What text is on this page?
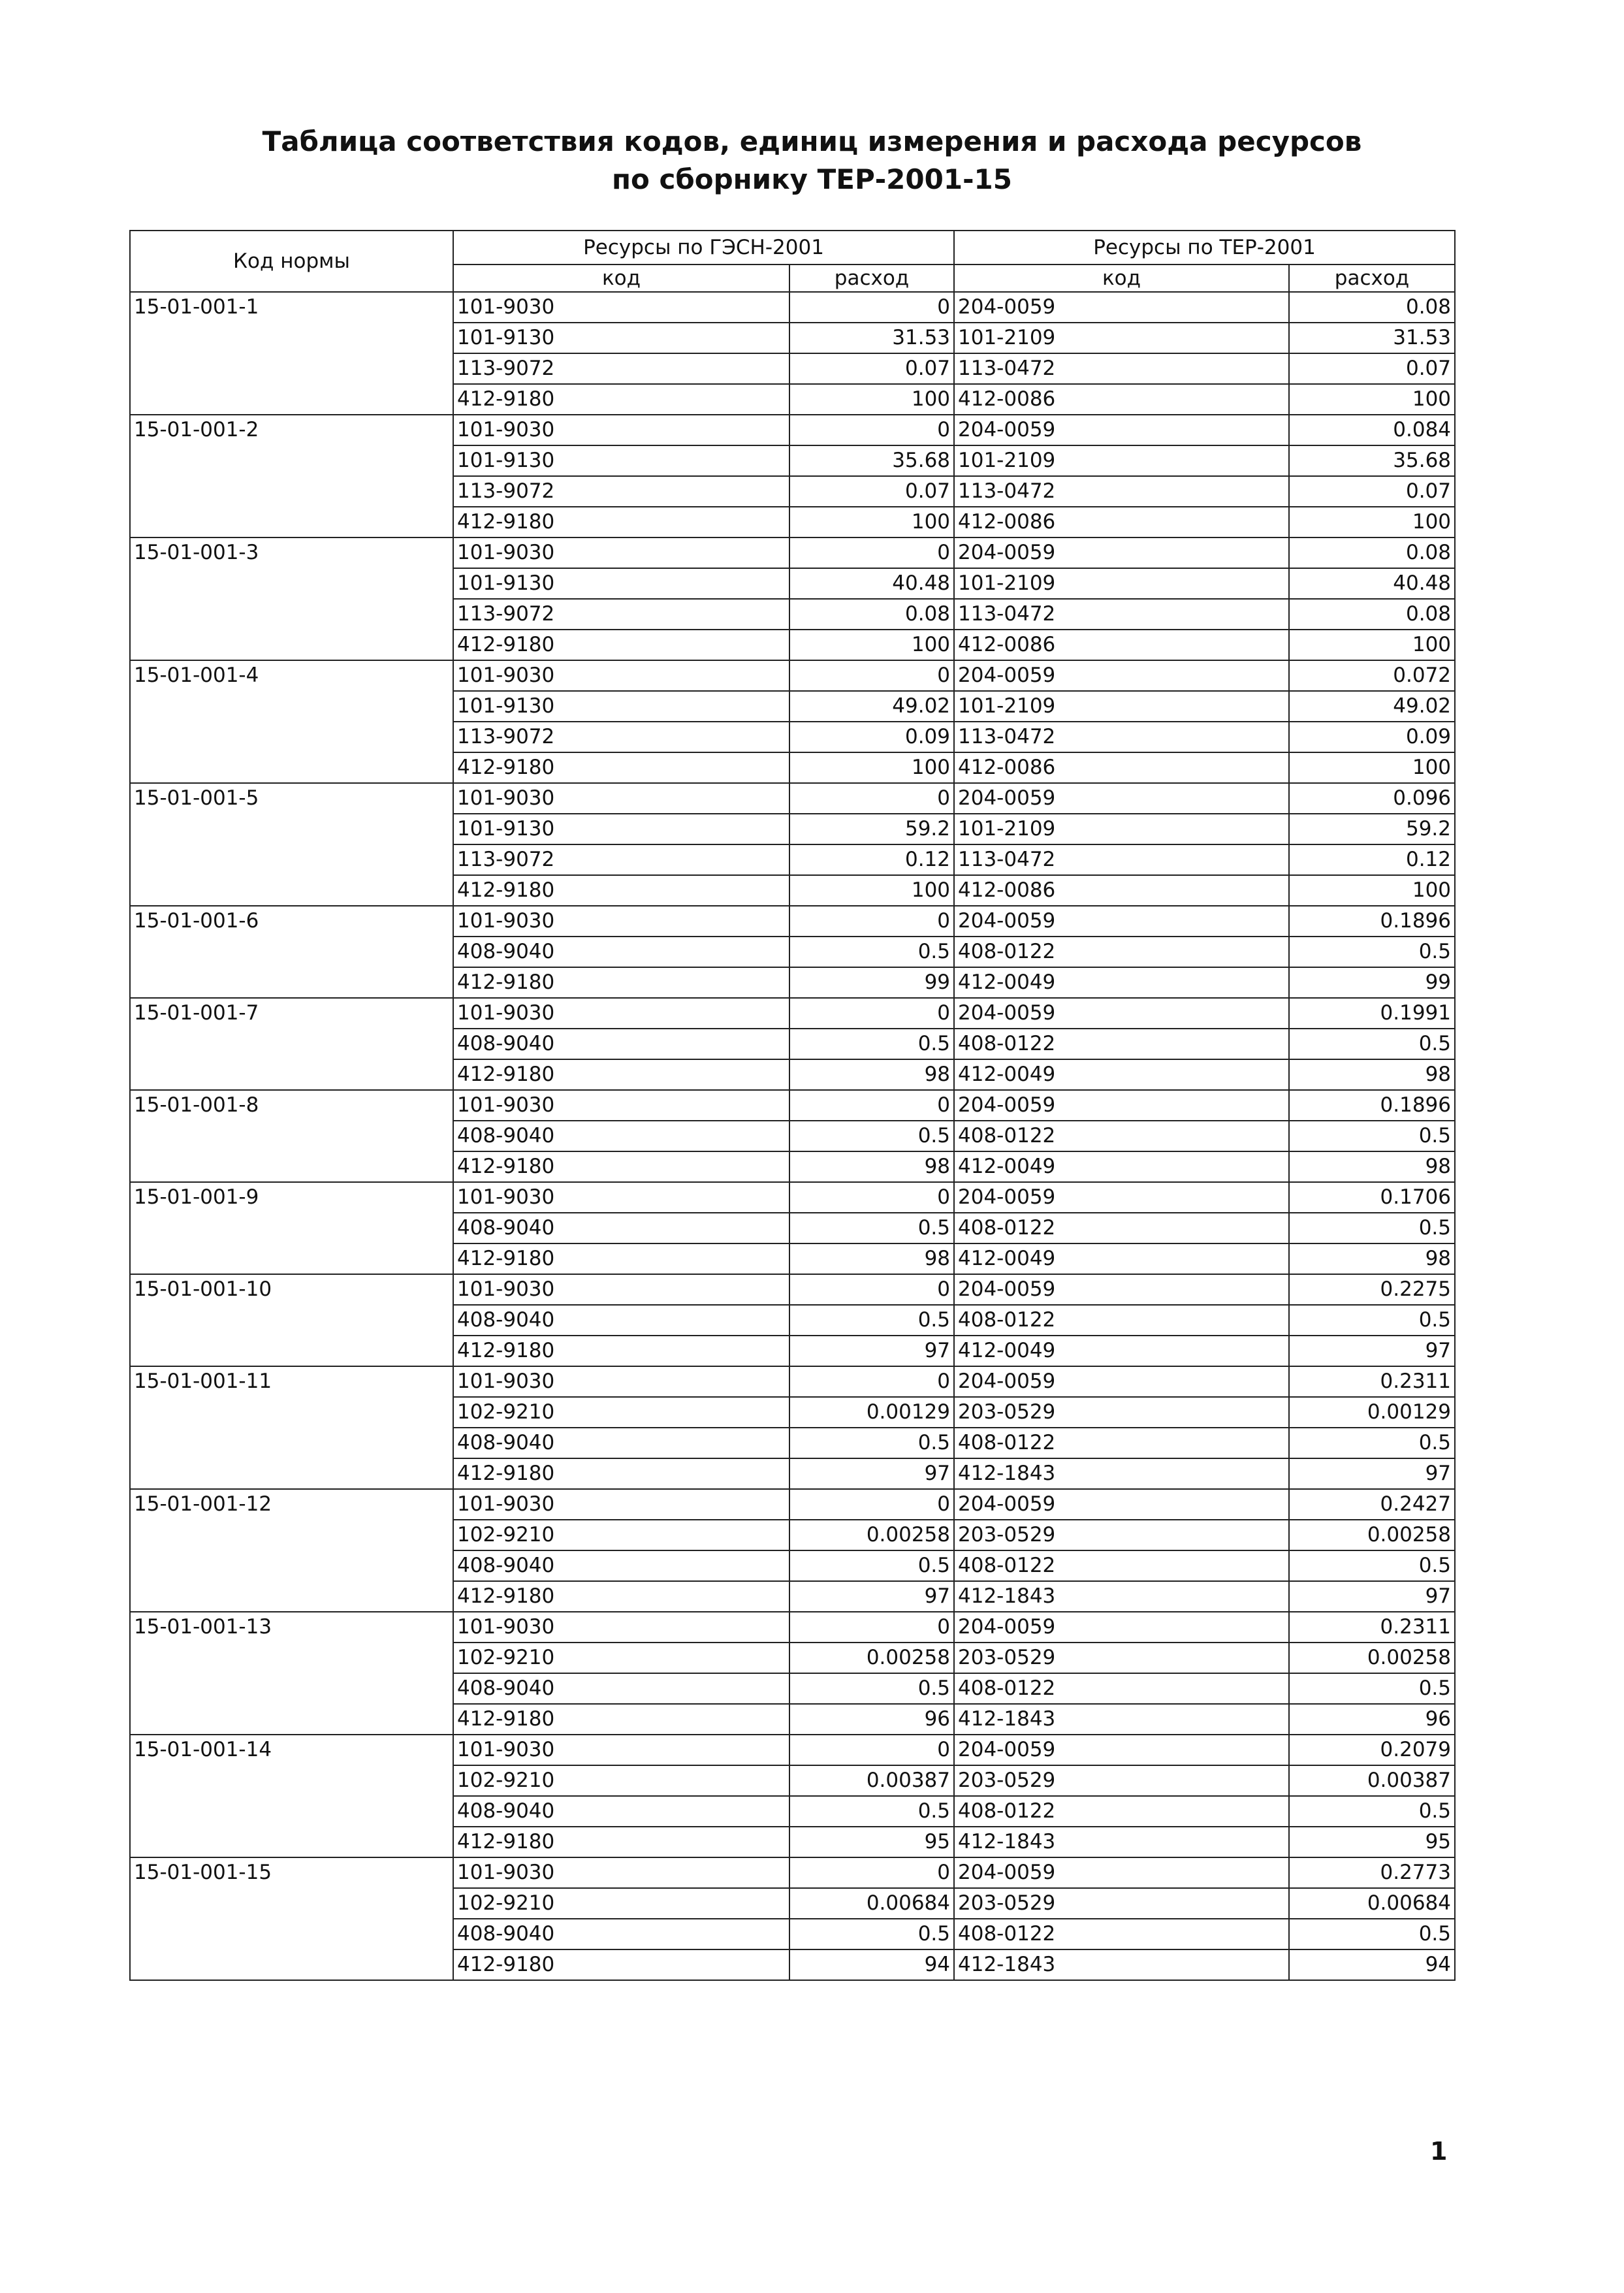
Таблица соответствия кодов, единиц измерения и расхода ресурсов
по сборнику ТЕР-2001-15
Код нормы	Ресурсы по ГЭСН-2001		Ресурсы по ТЕР-2001	
	код	расход	код	расход
15-01-001-1	101-9030	0	204-0059	0.08
	101-9130	31.53	101-2109	31.53
	113-9072	0.07	113-0472	0.07
	412-9180	100	412-0086	100
15-01-001-2	101-9030	0	204-0059	0.084
	101-9130	35.68	101-2109	35.68
	113-9072	0.07	113-0472	0.07
	412-9180	100	412-0086	100
15-01-001-3	101-9030	0	204-0059	0.08
	101-9130	40.48	101-2109	40.48
	113-9072	0.08	113-0472	0.08
	412-9180	100	412-0086	100
15-01-001-4	101-9030	0	204-0059	0.072
	101-9130	49.02	101-2109	49.02
	113-9072	0.09	113-0472	0.09
	412-9180	100	412-0086	100
15-01-001-5	101-9030	0	204-0059	0.096
	101-9130	59.2	101-2109	59.2
	113-9072	0.12	113-0472	0.12
	412-9180	100	412-0086	100
15-01-001-6	101-9030	0	204-0059	0.1896
	408-9040	0.5	408-0122	0.5
	412-9180	99	412-0049	99
15-01-001-7	101-9030	0	204-0059	0.1991
	408-9040	0.5	408-0122	0.5
	412-9180	98	412-0049	98
15-01-001-8	101-9030	0	204-0059	0.1896
	408-9040	0.5	408-0122	0.5
	412-9180	98	412-0049	98
15-01-001-9	101-9030	0	204-0059	0.1706
	408-9040	0.5	408-0122	0.5
	412-9180	98	412-0049	98
15-01-001-10	101-9030	0	204-0059	0.2275
	408-9040	0.5	408-0122	0.5
	412-9180	97	412-0049	97
15-01-001-11	101-9030	0	204-0059	0.2311
	102-9210	0.00129	203-0529	0.00129
	408-9040	0.5	408-0122	0.5
	412-9180	97	412-1843	97
15-01-001-12	101-9030	0	204-0059	0.2427
	102-9210	0.00258	203-0529	0.00258
	408-9040	0.5	408-0122	0.5
	412-9180	97	412-1843	97
15-01-001-13	101-9030	0	204-0059	0.2311
	102-9210	0.00258	203-0529	0.00258
	408-9040	0.5	408-0122	0.5
	412-9180	96	412-1843	96
15-01-001-14	101-9030	0	204-0059	0.2079
	102-9210	0.00387	203-0529	0.00387
	408-9040	0.5	408-0122	0.5
	412-9180	95	412-1843	95
15-01-001-15	101-9030	0	204-0059	0.2773
	102-9210	0.00684	203-0529	0.00684
	408-9040	0.5	408-0122	0.5
	412-9180	94	412-1843	94
1
